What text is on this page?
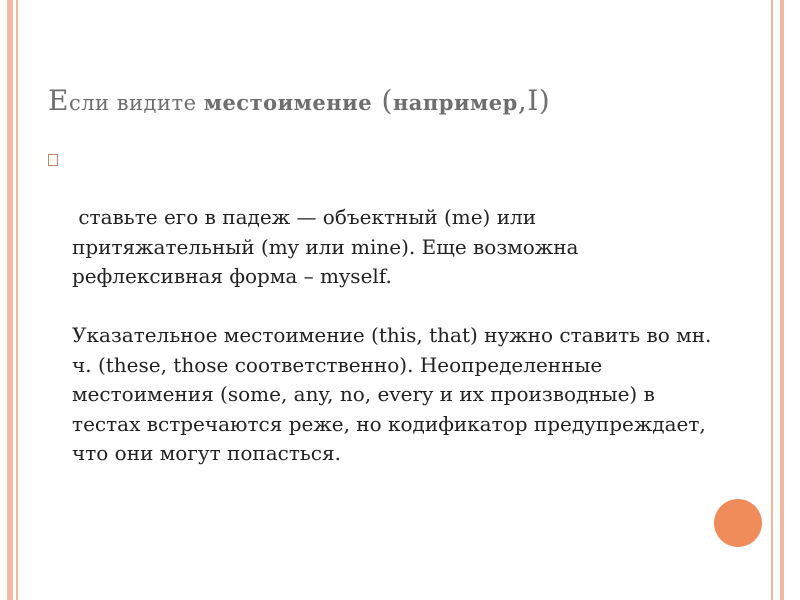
Если видите местоимение (например,I)

ставьте его в падеж — объектный (me) или притяжательный (my или mine). Еще возможна рефлексивная форма – myself.
Указательное местоимение (this, that) нужно ставить во мн. ч. (these, those соответственно). Неопределенные местоимения (some, any, no, every и их производные) в тестах встречаются реже, но кодификатор предупреждает, что они могут попасться.
